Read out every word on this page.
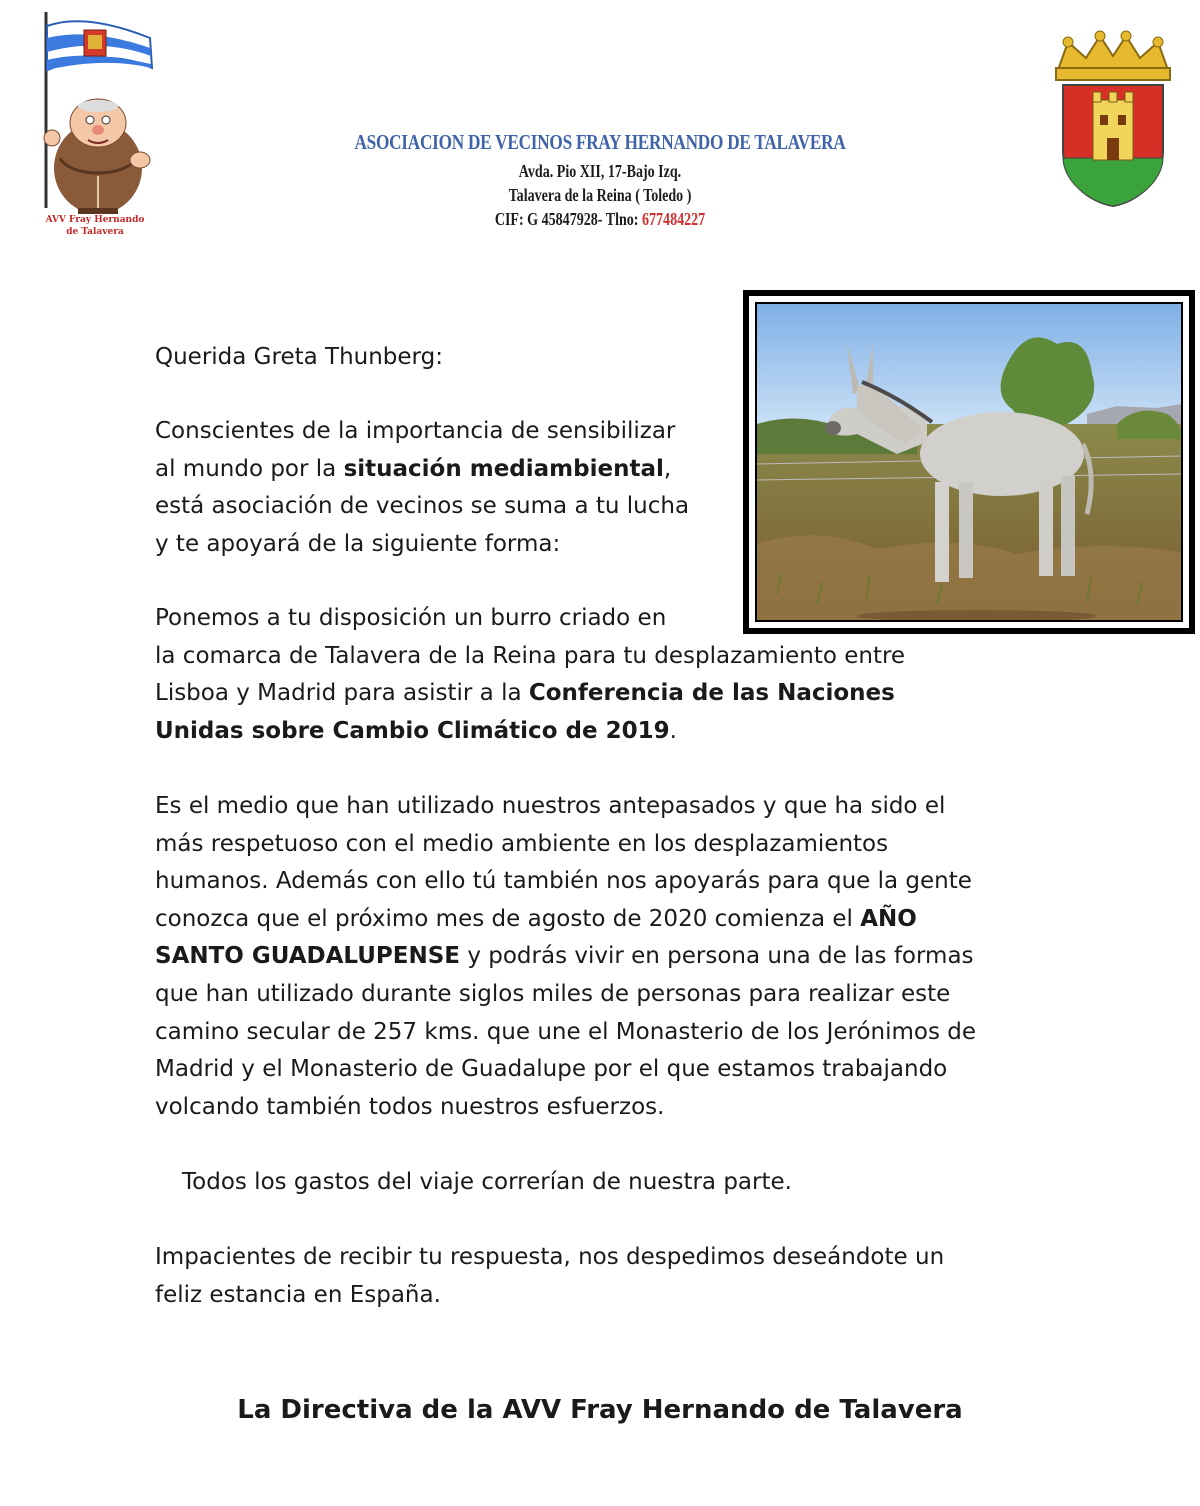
AVV Fray Hernando
de Talavera
ASOCIACION DE VECINOS FRAY HERNANDO DE TALAVERA
Avda. Pio XII, 17-Bajo Izq.
Talavera de la Reina ( Toledo )
CIF: G 45847928- Tlno: 677484227
Querida Greta Thunberg:
Conscientes de la importancia de sensibilizar
al mundo por la situación mediambiental,
está asociación de vecinos se suma a tu lucha
y te apoyará de la siguiente forma:
Ponemos a tu disposición un burro criado en
la comarca de Talavera de la Reina para tu desplazamiento entre
Lisboa y Madrid para asistir a la Conferencia de las Naciones
Unidas sobre Cambio Climático de 2019.
Es el medio que han utilizado nuestros antepasados y que ha sido el
más respetuoso con el medio ambiente en los desplazamientos
humanos. Además con ello tú también nos apoyarás para que la gente
conozca que el próximo mes de agosto de 2020 comienza el AÑO
SANTO GUADALUPENSE y podrás vivir en persona una de las formas
que han utilizado durante siglos miles de personas para realizar este
camino secular de 257 kms. que une el Monasterio de los Jerónimos de
Madrid y el Monasterio de Guadalupe por el que estamos trabajando
volcando también todos nuestros esfuerzos.
Todos los gastos del viaje correrían de nuestra parte.
Impacientes de recibir tu respuesta, nos despedimos deseándote un
feliz estancia en España.
La Directiva de la AVV Fray Hernando de Talavera
